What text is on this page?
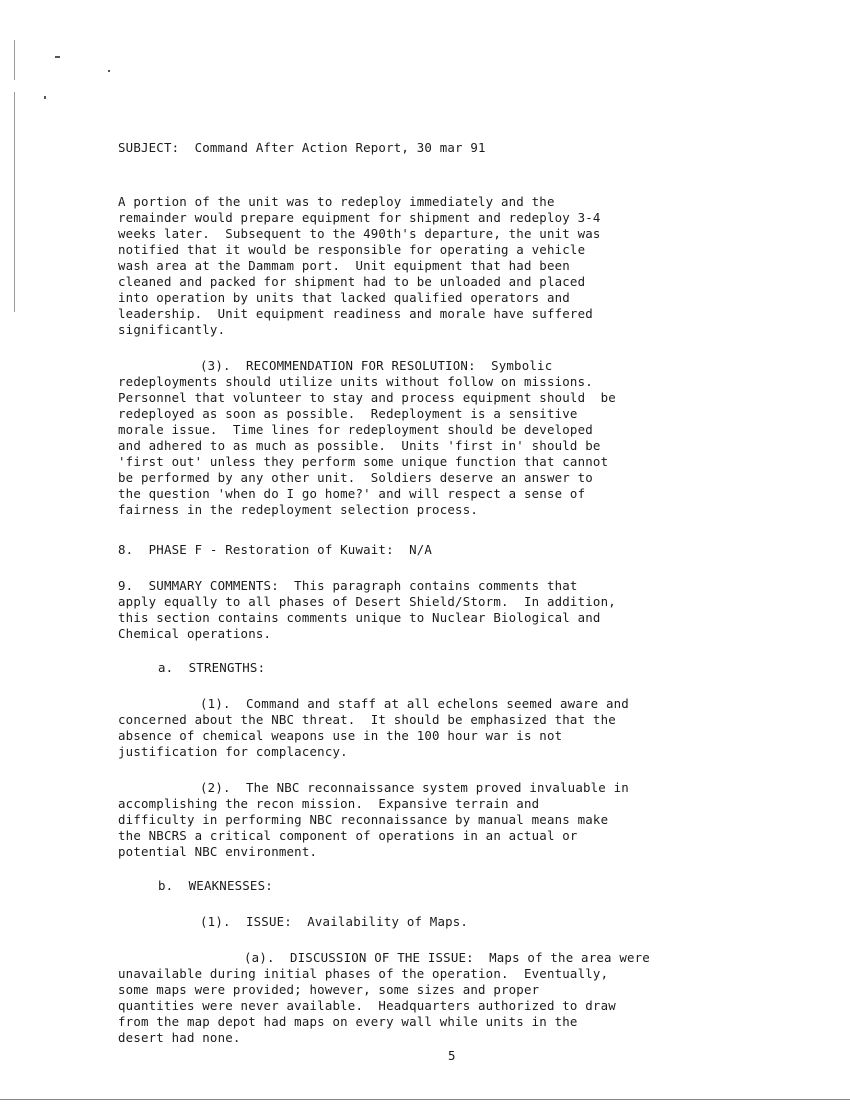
SUBJECT:  Command After Action Report, 30 mar 91
A portion of the unit was to redeploy immediately and the
remainder would prepare equipment for shipment and redeploy 3-4
weeks later.  Subsequent to the 490th's departure, the unit was
notified that it would be responsible for operating a vehicle
wash area at the Dammam port.  Unit equipment that had been
cleaned and packed for shipment had to be unloaded and placed
into operation by units that lacked qualified operators and
leadership.  Unit equipment readiness and morale have suffered
significantly.
(3).  RECOMMENDATION FOR RESOLUTION:  Symbolic
redeployments should utilize units without follow on missions.
Personnel that volunteer to stay and process equipment should  be
redeployed as soon as possible.  Redeployment is a sensitive
morale issue.  Time lines for redeployment should be developed
and adhered to as much as possible.  Units 'first in' should be
'first out' unless they perform some unique function that cannot
be performed by any other unit.  Soldiers deserve an answer to
the question 'when do I go home?' and will respect a sense of
fairness in the redeployment selection process.
8.  PHASE F - Restoration of Kuwait:  N/A
9.  SUMMARY COMMENTS:  This paragraph contains comments that
apply equally to all phases of Desert Shield/Storm.  In addition,
this section contains comments unique to Nuclear Biological and
Chemical operations.
a.  STRENGTHS:
(1).  Command and staff at all echelons seemed aware and
concerned about the NBC threat.  It should be emphasized that the
absence of chemical weapons use in the 100 hour war is not
justification for complacency.
(2).  The NBC reconnaissance system proved invaluable in
accomplishing the recon mission.  Expansive terrain and
difficulty in performing NBC reconnaissance by manual means make
the NBCRS a critical component of operations in an actual or
potential NBC environment.
b.  WEAKNESSES:
(1).  ISSUE:  Availability of Maps.
(a).  DISCUSSION OF THE ISSUE:  Maps of the area were
unavailable during initial phases of the operation.  Eventually,
some maps were provided; however, some sizes and proper
quantities were never available.  Headquarters authorized to draw
from the map depot had maps on every wall while units in the
desert had none.
5
